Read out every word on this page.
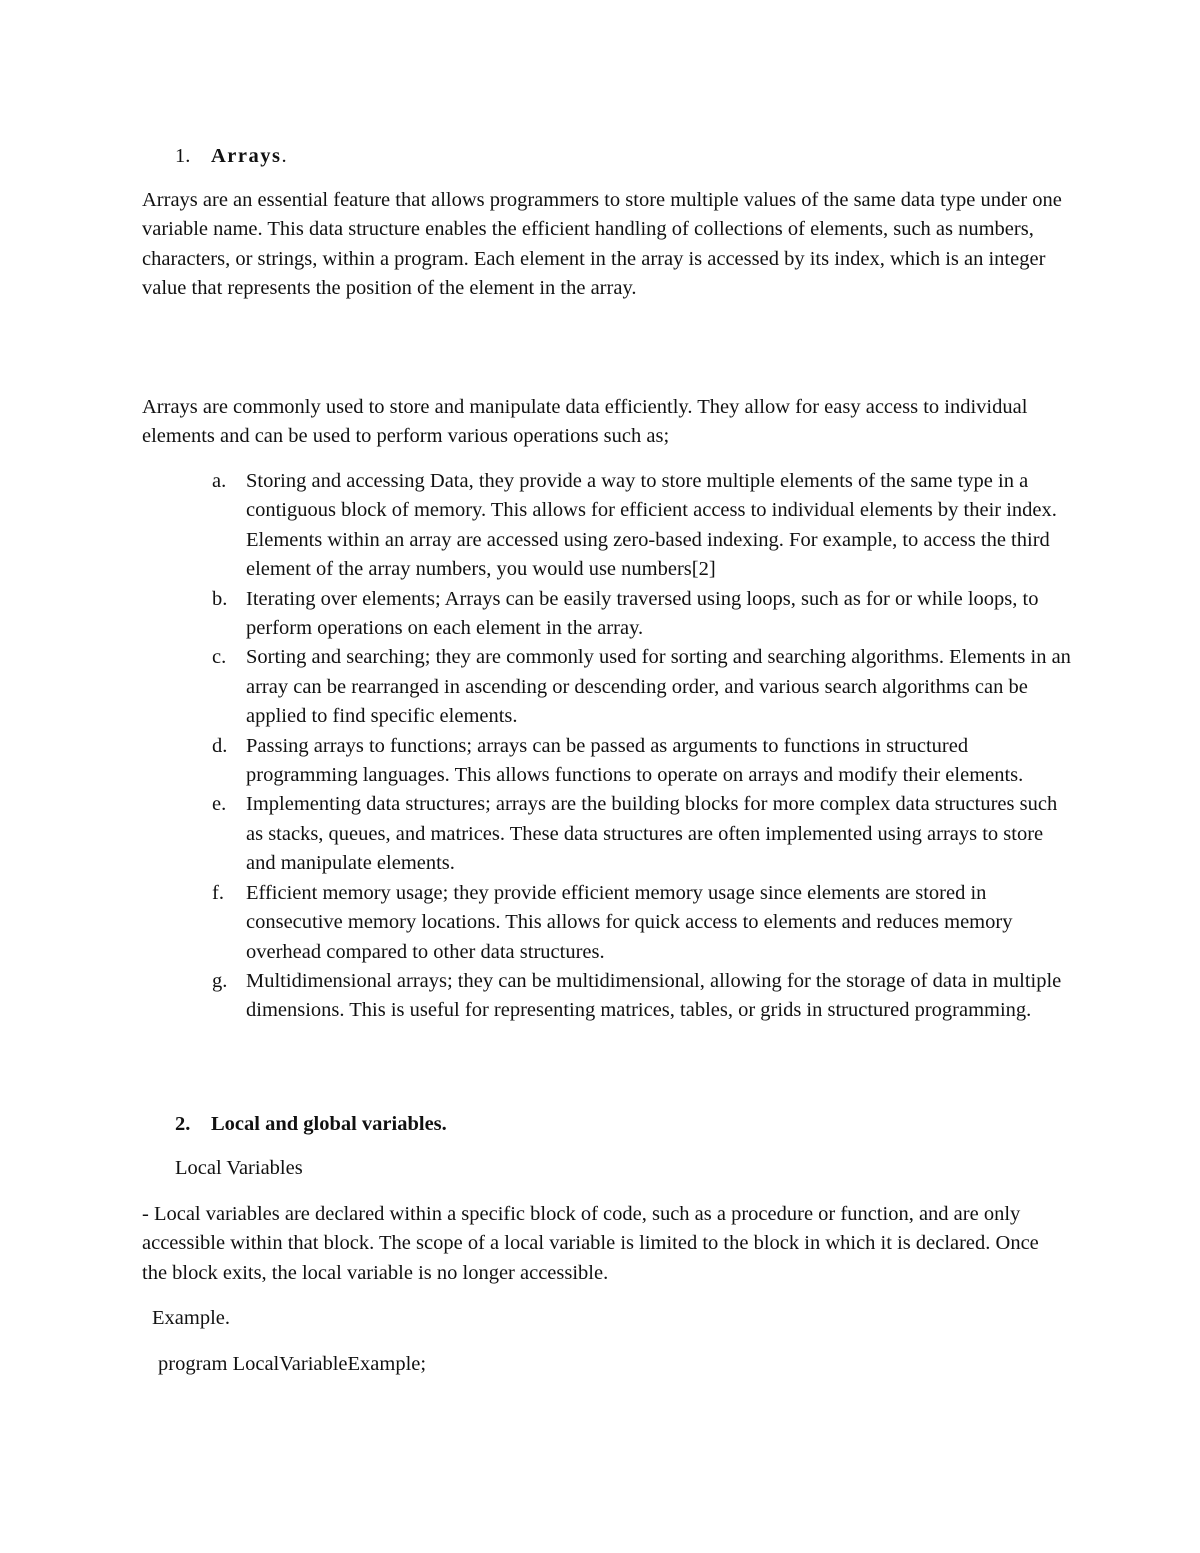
1. Arrays.

Arrays are an essential feature that allows programmers to store multiple values of the same data type under one variable name. This data structure enables the efficient handling of collections of elements, such as numbers, characters, or strings, within a program. Each element in the array is accessed by its index, which is an integer value that represents the position of the element in the array.

Arrays are commonly used to store and manipulate data efficiently. They allow for easy access to individual elements and can be used to perform various operations such as;

a. Storing and accessing Data, they provide a way to store multiple elements of the same type in a contiguous block of memory. This allows for efficient access to individual elements by their index. Elements within an array are accessed using zero-based indexing. For example, to access the third element of the array numbers, you would use numbers[2]
b. Iterating over elements; Arrays can be easily traversed using loops, such as for or while loops, to perform operations on each element in the array.
c. Sorting and searching; they are commonly used for sorting and searching algorithms. Elements in an array can be rearranged in ascending or descending order, and various search algorithms can be applied to find specific elements.
d. Passing arrays to functions; arrays can be passed as arguments to functions in structured programming languages. This allows functions to operate on arrays and modify their elements.
e. Implementing data structures; arrays are the building blocks for more complex data structures such as stacks, queues, and matrices. These data structures are often implemented using arrays to store and manipulate elements.
f. Efficient memory usage; they provide efficient memory usage since elements are stored in consecutive memory locations. This allows for quick access to elements and reduces memory overhead compared to other data structures.
g. Multidimensional arrays; they can be multidimensional, allowing for the storage of data in multiple dimensions. This is useful for representing matrices, tables, or grids in structured programming.
2. Local and global variables.

Local Variables

- Local variables are declared within a specific block of code, such as a procedure or function, and are only accessible within that block. The scope of a local variable is limited to the block in which it is declared. Once the block exits, the local variable is no longer accessible.

Example.

program LocalVariableExample;
